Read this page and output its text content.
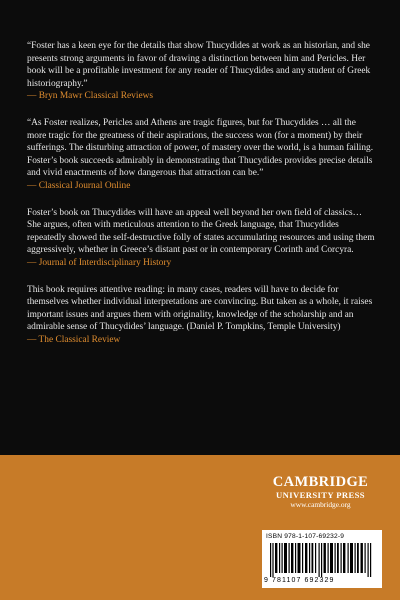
“Foster has a keen eye for the details that show Thucydides at work as an historian, and she presents strong arguments in favor of drawing a distinction between him and Pericles. Her book will be a profitable investment for any reader of Thucydides and any student of Greek historiography.”

— Bryn Mawr Classical Reviews

“As Foster realizes, Pericles and Athens are tragic figures, but for Thucydides … all the more tragic for the greatness of their aspirations, the success won (for a moment) by their sufferings. The disturbing attraction of power, of mastery over the world, is a human failing. Foster’s book succeeds admirably in demonstrating that Thucydides provides precise details and vivid enactments of how dangerous that attraction can be.”

— Classical Journal Online

Foster’s book on Thucydides will have an appeal well beyond her own field of classics… She argues, often with meticulous attention to the Greek language, that Thucydides repeatedly showed the self-destructive folly of states accumulating resources and using them aggressively, whether in Greece’s distant past or in contemporary Corinth and Corcyra.

— Journal of Interdisciplinary History

This book requires attentive reading: in many cases, readers will have to decide for themselves whether individual interpretations are convincing. But taken as a whole, it raises important issues and argues them with originality, knowledge of the scholarship and an admirable sense of Thucydides’ language. (Daniel P. Tompkins, Temple University)

— The Classical Review
CAMBRIDGE
UNIVERSITY PRESS
www.cambridge.org
ISBN 978-1-107-69232-9
9 781107 692329
